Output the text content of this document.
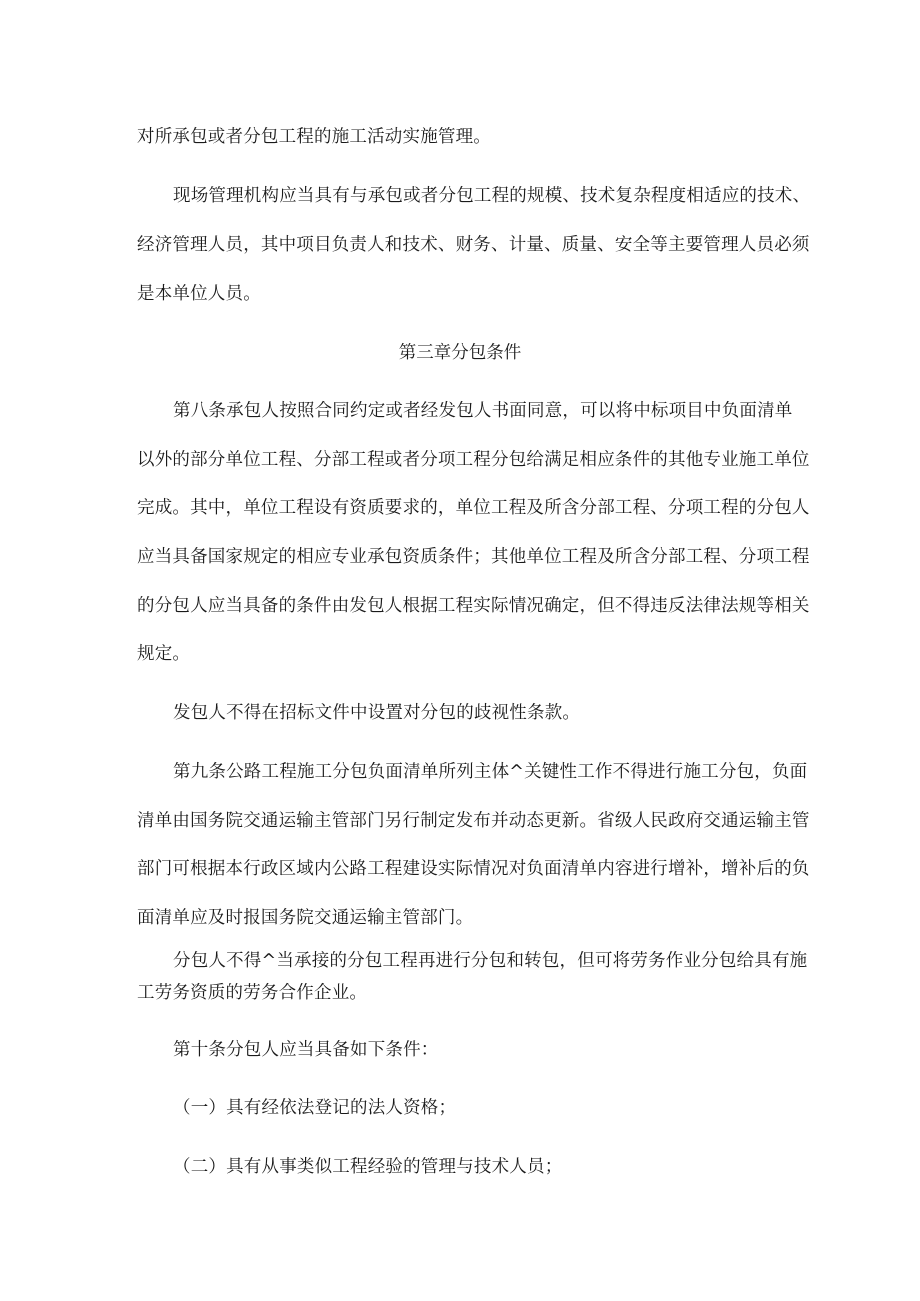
对所承包或者分包工程的施工活动实施管理。
现场管理机构应当具有与承包或者分包工程的规模、技术复杂程度相适应的技术、
经济管理人员，其中项目负责人和技术、财务、计量、质量、安全等主要管理人员必须
是本单位人员。
第三章分包条件
第八条承包人按照合同约定或者经发包人书面同意，可以将中标项目中负面清单
以外的部分单位工程、分部工程或者分项工程分包给满足相应条件的其他专业施工单位
完成。其中，单位工程设有资质要求的，单位工程及所含分部工程、分项工程的分包人
应当具备国家规定的相应专业承包资质条件；其他单位工程及所含分部工程、分项工程
的分包人应当具备的条件由发包人根据工程实际情况确定，但不得违反法律法规等相关
规定。
发包人不得在招标文件中设置对分包的歧视性条款。
第九条公路工程施工分包负面清单所列主体^关键性工作不得进行施工分包，负面
清单由国务院交通运输主管部门另行制定发布并动态更新。省级人民政府交通运输主管
部门可根据本行政区域内公路工程建设实际情况对负面清单内容进行增补，增补后的负
面清单应及时报国务院交通运输主管部门。
分包人不得^当承接的分包工程再进行分包和转包，但可将劳务作业分包给具有施
工劳务资质的劳务合作企业。
第十条分包人应当具备如下条件：
（一）具有经依法登记的法人资格；
（二）具有从事类似工程经验的管理与技术人员；
